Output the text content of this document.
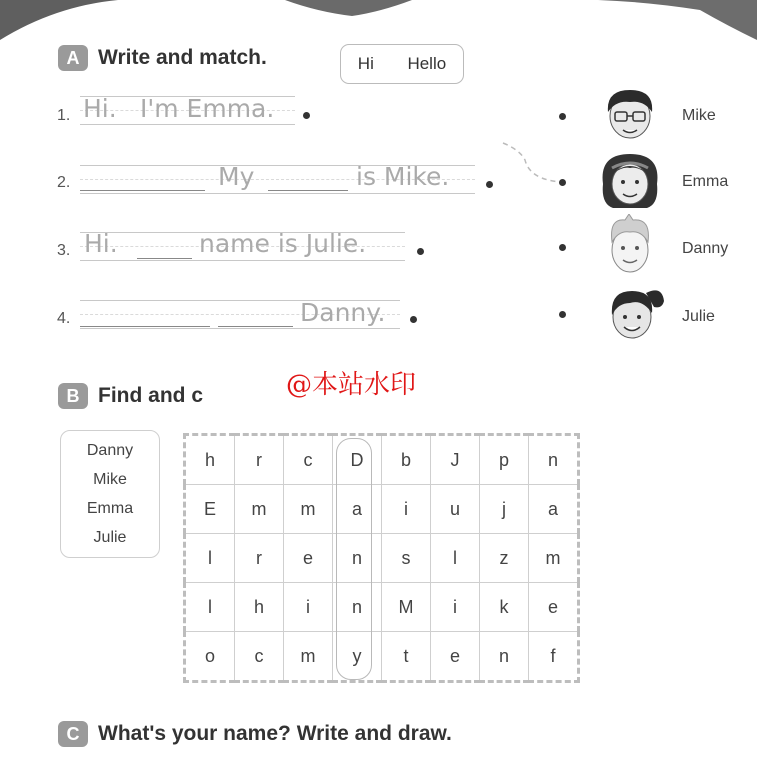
A Write and match.	Hi Hello
1. Hi. I'm Emma.
2.	My	is Mike.
3. Hi.	name is Julie.
4.	Danny.
Mike
Emma
Danny
Julie
@本站水印
B Find and c
Danny
Mike
Emma
Julie
h	r	c	D	b	J	p	n
E	m	m	a	i	u	j	a
l	r	e	n	s	l	z	m
l	h	i	n	M	i	k	e
o	c	m	y	t	e	n	f
C What's your name? Write and draw.
